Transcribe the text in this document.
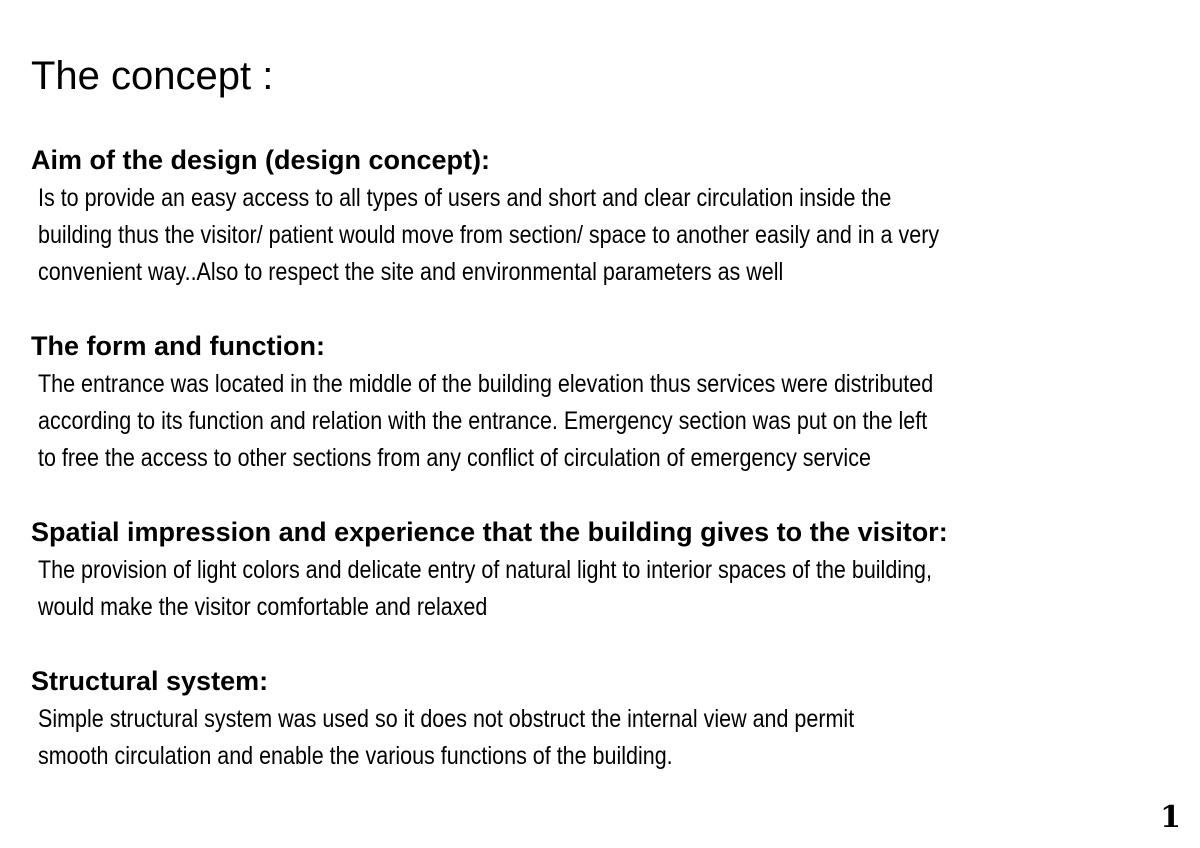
The concept :
Aim of the design (design concept):
Is to provide an easy access to all types of users and short and clear circulation inside the
building thus the visitor/ patient would move from section/ space to another easily and in a very
convenient way..Also to respect the site and environmental parameters as well
The form and function:
The entrance was located in the middle of the building elevation thus services were distributed
according to its function and relation with the entrance. Emergency section was put on the left
to free the access to other sections from any conflict of circulation of emergency service
Spatial impression and experience that the building gives to the visitor:
The provision of light colors and delicate entry of natural light to interior spaces of the building,
would make the visitor comfortable and relaxed
Structural system:
Simple structural system was used so it does not obstruct the internal view and permit
smooth circulation and enable the various functions of the building.
1
